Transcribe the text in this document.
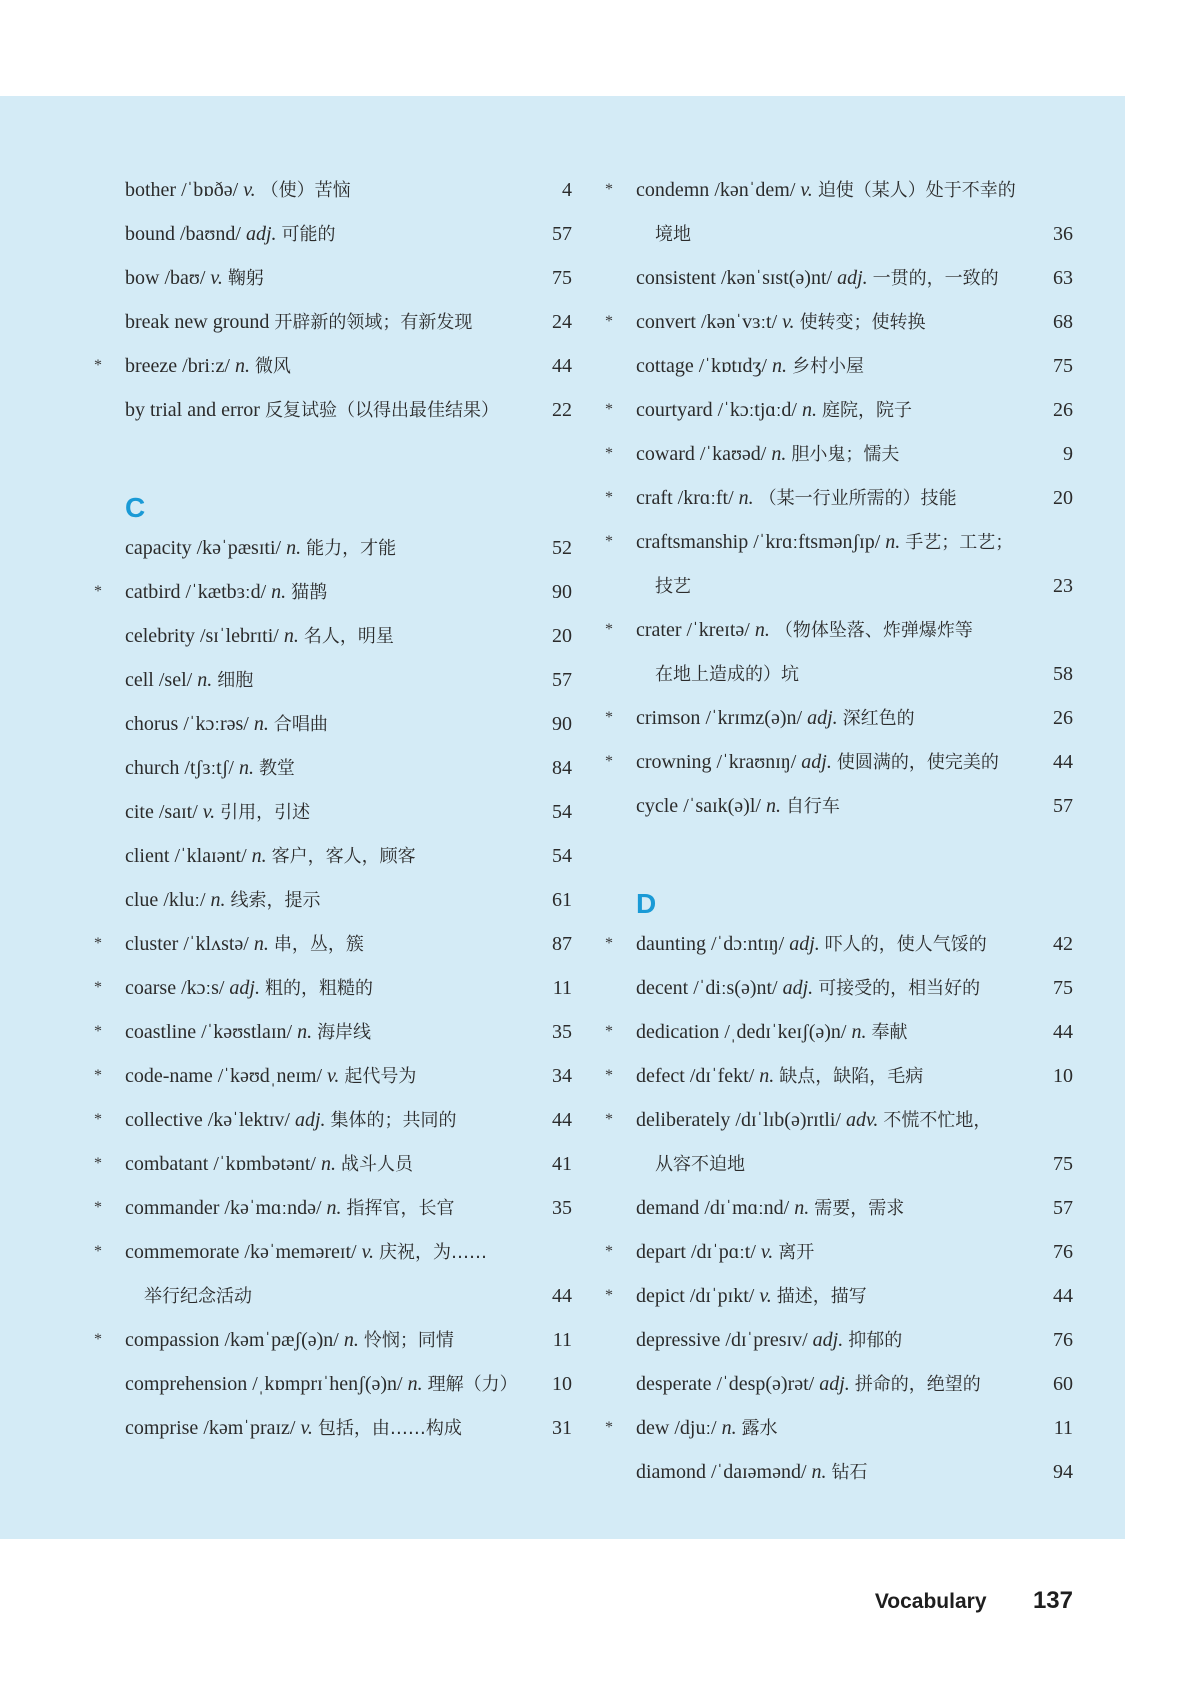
bother /ˈbɒðə/ v. （使）苦恼	4
bound /baʊnd/ adj. 可能的	57
bow /baʊ/ v. 鞠躬	75
break new ground 开辟新的领域；有新发现	24
* breeze /briːz/ n. 微风	44
by trial and error 反复试验（以得出最佳结果）	22
C
capacity /kəˈpæsɪti/ n. 能力，才能	52
* catbird /ˈkætbɜːd/ n. 猫鹊	90
celebrity /sɪˈlebrɪti/ n. 名人，明星	20
cell /sel/ n. 细胞	57
chorus /ˈkɔːrəs/ n. 合唱曲	90
church /tʃɜːtʃ/ n. 教堂	84
cite /saɪt/ v. 引用，引述	54
client /ˈklaɪənt/ n. 客户，客人，顾客	54
clue /kluː/ n. 线索，提示	61
* cluster /ˈklʌstə/ n. 串，丛，簇	87
* coarse /kɔːs/ adj. 粗的，粗糙的	11
* coastline /ˈkəʊstlaɪn/ n. 海岸线	35
* code-name /ˈkəʊdˌneɪm/ v. 起代号为	34
* collective /kəˈlektɪv/ adj. 集体的；共同的	44
* combatant /ˈkɒmbətənt/ n. 战斗人员	41
* commander /kəˈmɑːndə/ n. 指挥官，长官	35
* commemorate /kəˈmeməreɪt/ v. 庆祝，为……
举行纪念活动	44
* compassion /kəmˈpæʃ(ə)n/ n. 怜悯；同情	11
comprehension /ˌkɒmprɪˈhenʃ(ə)n/ n. 理解（力） 10
comprise /kəmˈpraɪz/ v. 包括，由……构成	31
* condemn /kənˈdem/ v. 迫使（某人）处于不幸的
境地	36
consistent /kənˈsɪst(ə)nt/ adj. 一贯的，一致的	63
* convert /kənˈvɜːt/ v. 使转变；使转换	68
cottage /ˈkɒtɪdʒ/ n. 乡村小屋	75
* courtyard /ˈkɔːtjɑːd/ n. 庭院，院子	26
* coward /ˈkaʊəd/ n. 胆小鬼；懦夫	9
* craft /krɑːft/ n. （某一行业所需的）技能	20
* craftsmanship /ˈkrɑːftsmənʃɪp/ n. 手艺；工艺；
技艺	23
* crater /ˈkreɪtə/ n. （物体坠落、炸弹爆炸等
在地上造成的）坑	58
* crimson /ˈkrɪmz(ə)n/ adj. 深红色的	26
* crowning /ˈkraʊnɪŋ/ adj. 使圆满的，使完美的	44
cycle /ˈsaɪk(ə)l/ n. 自行车	57
D
* daunting /ˈdɔːntɪŋ/ adj. 吓人的，使人气馁的	42
decent /ˈdiːs(ə)nt/ adj. 可接受的，相当好的	75
* dedication /ˌdedɪˈkeɪʃ(ə)n/ n. 奉献	44
* defect /dɪˈfekt/ n. 缺点，缺陷，毛病	10
* deliberately /dɪˈlɪb(ə)rɪtli/ adv. 不慌不忙地，
从容不迫地	75
demand /dɪˈmɑːnd/ n. 需要，需求	57
* depart /dɪˈpɑːt/ v. 离开	76
* depict /dɪˈpɪkt/ v. 描述，描写	44
depressive /dɪˈpresɪv/ adj. 抑郁的	76
desperate /ˈdesp(ə)rət/ adj. 拼命的，绝望的	60
* dew /djuː/ n. 露水	11
diamond /ˈdaɪəmənd/ n. 钻石	94
Vocabulary 137
